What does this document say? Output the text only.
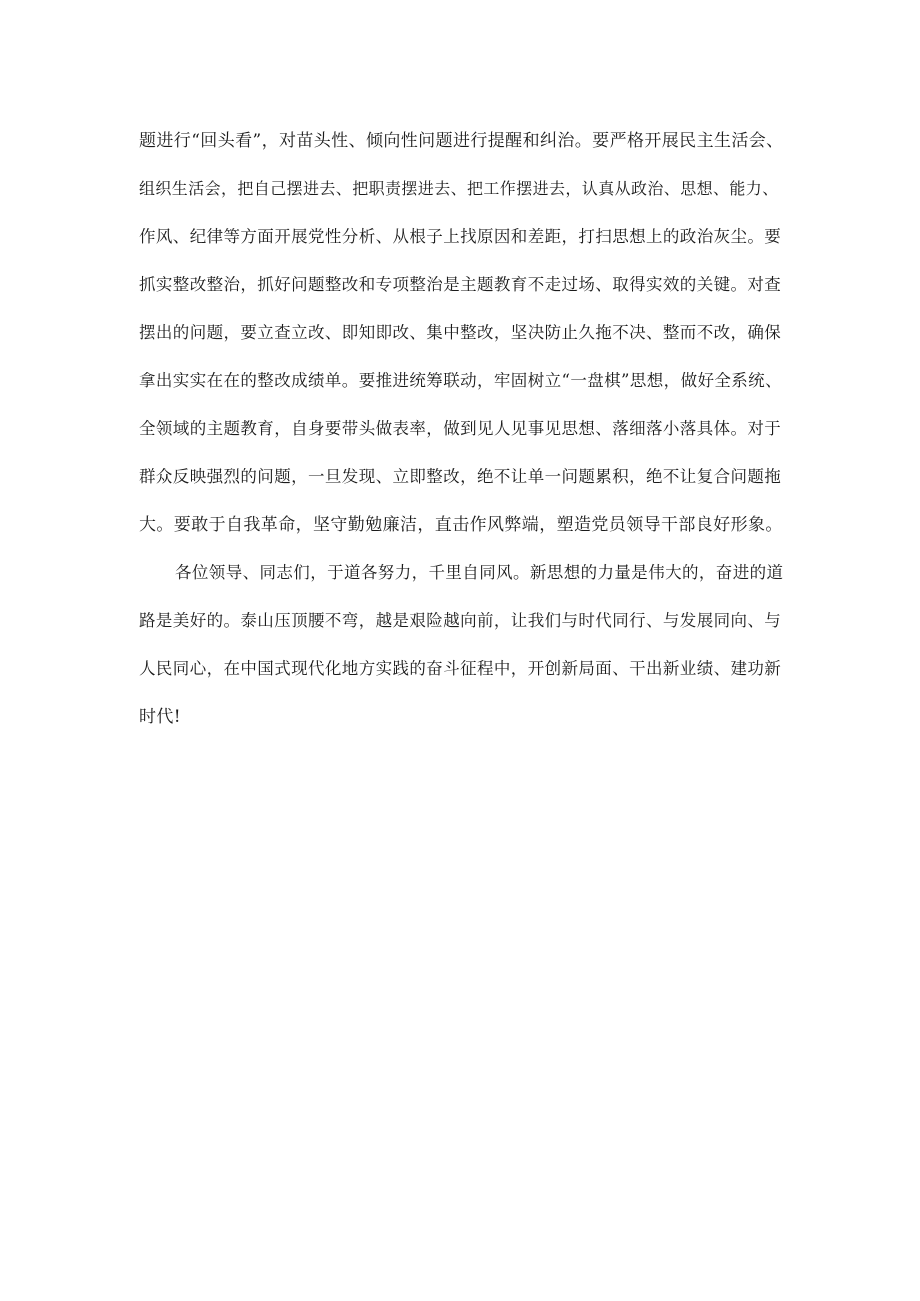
题进行“回头看”，对苗头性、倾向性问题进行提醒和纠治。要严格开展民主生活会、
组织生活会，把自己摆进去、把职责摆进去、把工作摆进去，认真从政治、思想、能力、
作风、纪律等方面开展党性分析、从根子上找原因和差距，打扫思想上的政治灰尘。要
抓实整改整治，抓好问题整改和专项整治是主题教育不走过场、取得实效的关键。对查
摆出的问题，要立查立改、即知即改、集中整改，坚决防止久拖不决、整而不改，确保
拿出实实在在的整改成绩单。要推进统筹联动，牢固树立“一盘棋”思想，做好全系统、
全领域的主题教育，自身要带头做表率，做到见人见事见思想、落细落小落具体。对于
群众反映强烈的问题，一旦发现、立即整改，绝不让单一问题累积，绝不让复合问题拖
大。要敢于自我革命，坚守勤勉廉洁，直击作风弊端，塑造党员领导干部良好形象。
各位领导、同志们，于道各努力，千里自同风。新思想的力量是伟大的，奋进的道
路是美好的。泰山压顶腰不弯，越是艰险越向前，让我们与时代同行、与发展同向、与
人民同心，在中国式现代化地方实践的奋斗征程中，开创新局面、干出新业绩、建功新
时代!
